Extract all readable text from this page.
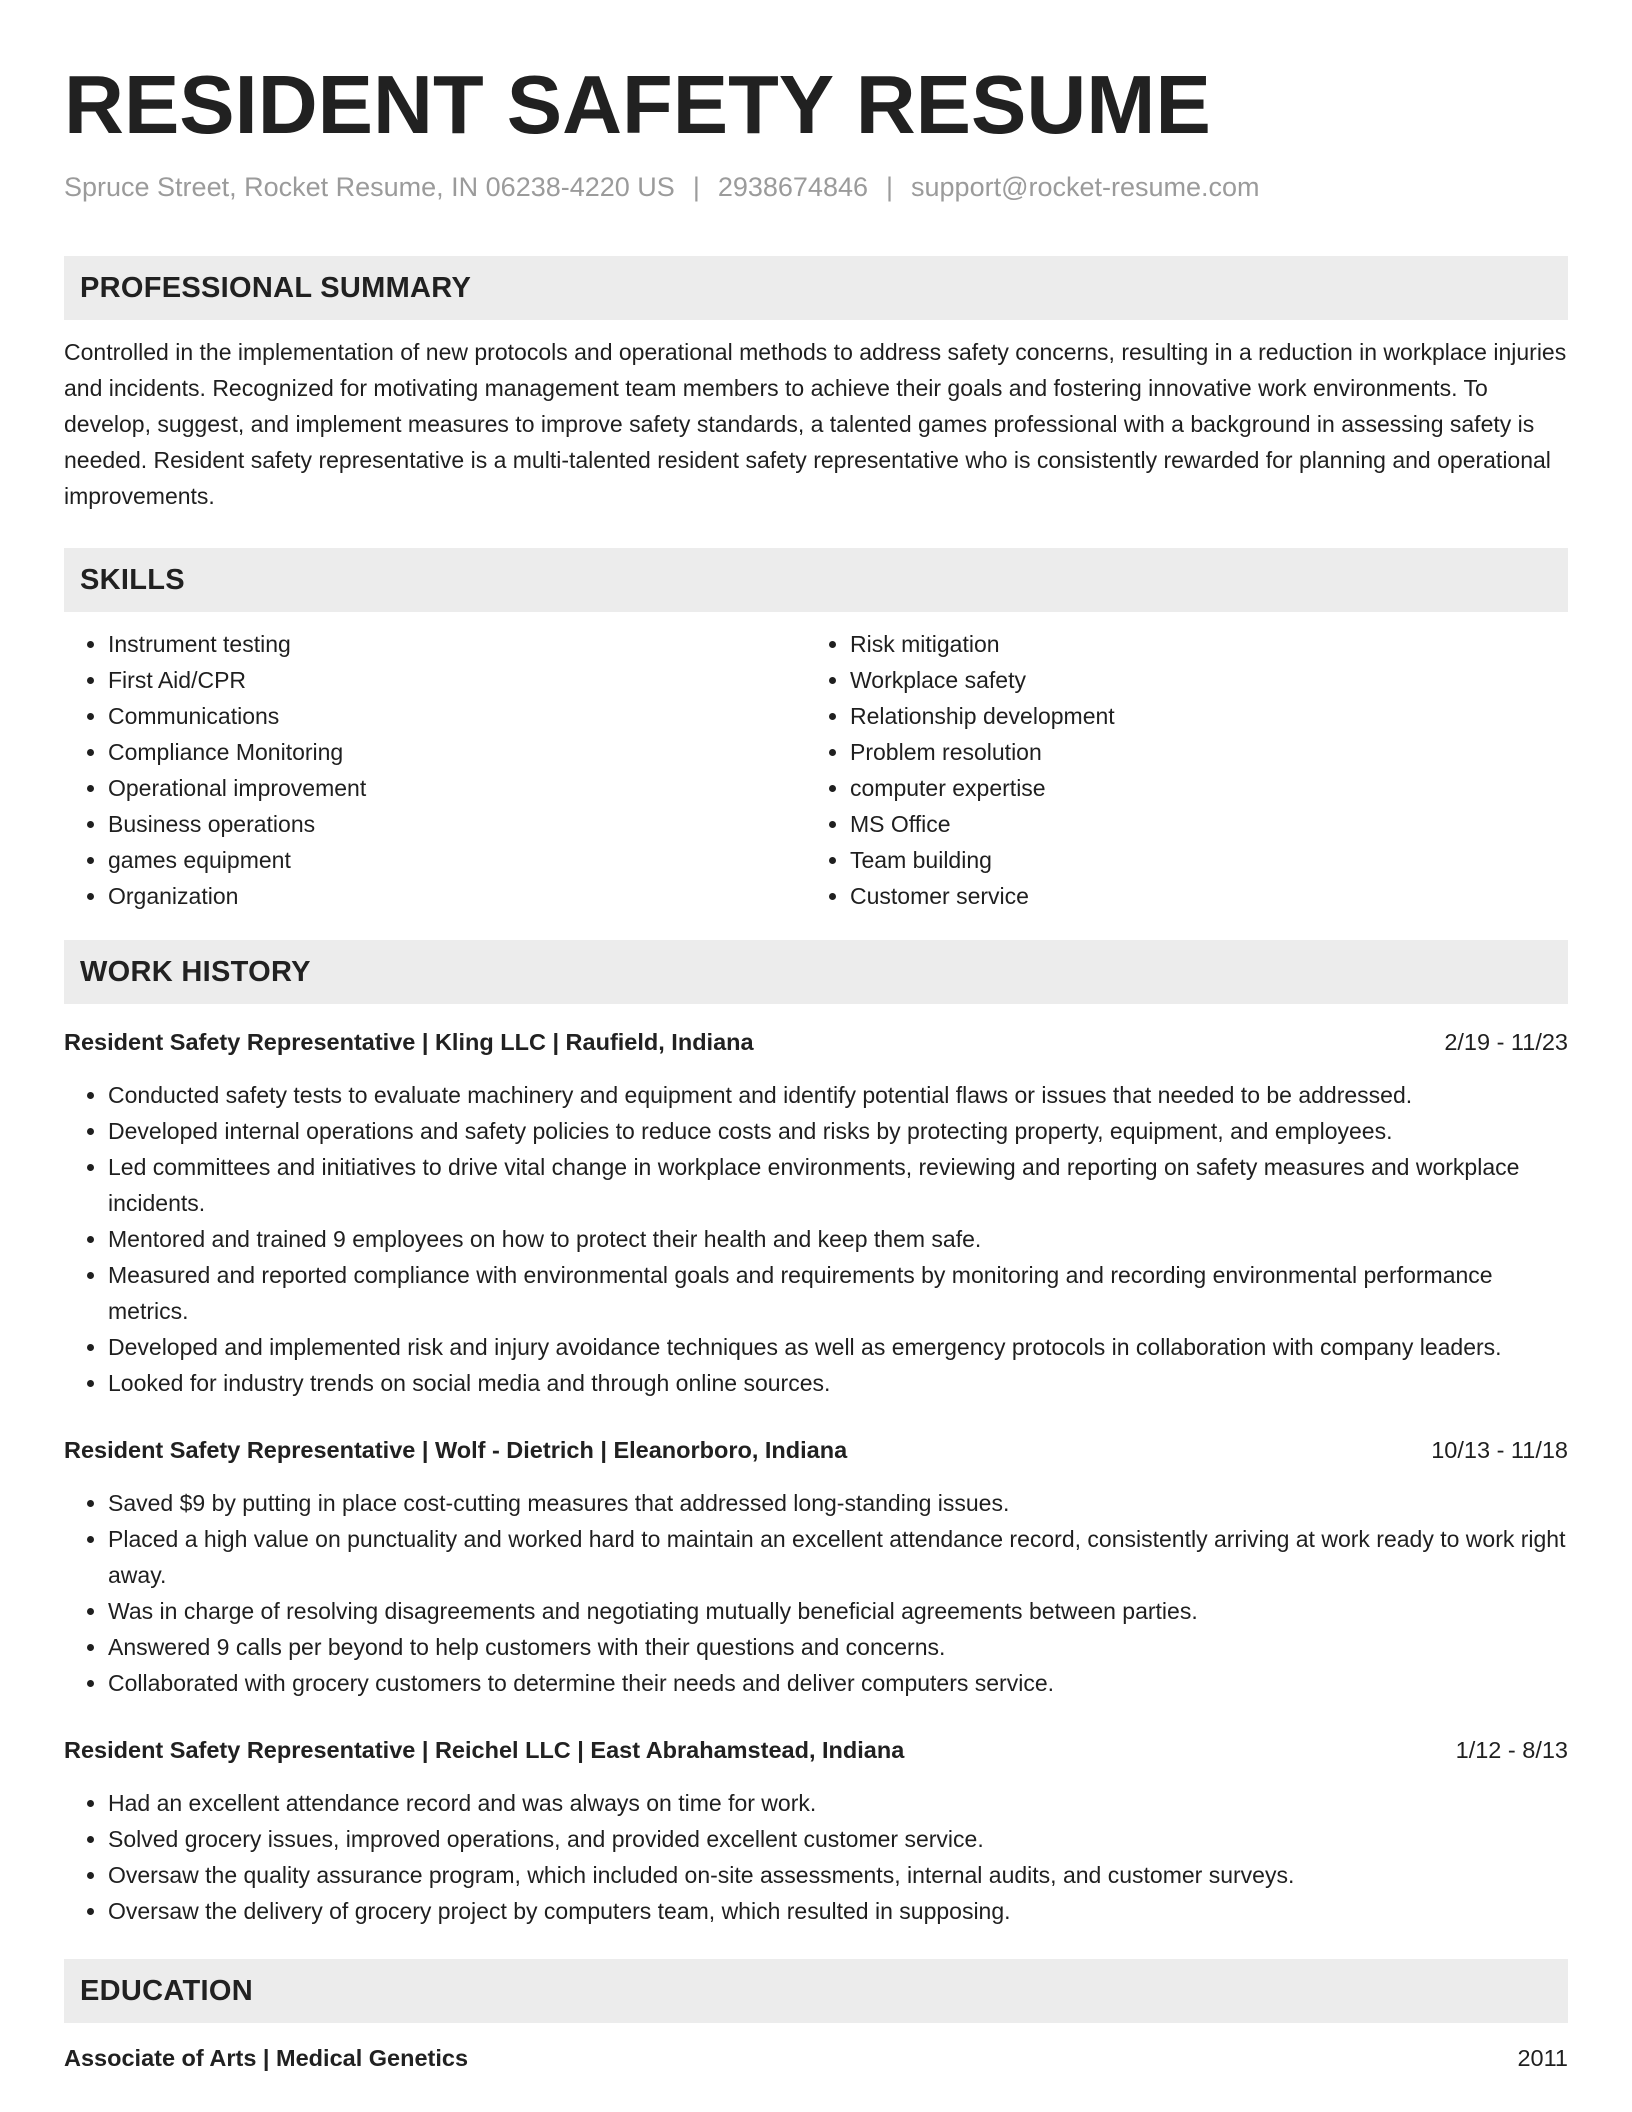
RESIDENT SAFETY RESUME
Spruce Street, Rocket Resume, IN 06238-4220 US | 2938674846 | support@rocket-resume.com
PROFESSIONAL SUMMARY

Controlled in the implementation of new protocols and operational methods to address safety concerns, resulting in a reduction in workplace injuries and incidents. Recognized for motivating management team members to achieve their goals and fostering innovative work environments. To develop, suggest, and implement measures to improve safety standards, a talented games professional with a background in assessing safety is needed. Resident safety representative is a multi-talented resident safety representative who is consistently rewarded for planning and operational improvements.

SKILLS
• Instrument testing
• First Aid/CPR
• Communications
• Compliance Monitoring
• Operational improvement
• Business operations
• games equipment
• Organization
• Risk mitigation
• Workplace safety
• Relationship development
• Problem resolution
• computer expertise
• MS Office
• Team building
• Customer service
WORK HISTORY
Resident Safety Representative | Kling LLC | Raufield, Indiana	2/19 - 11/23
• Conducted safety tests to evaluate machinery and equipment and identify potential flaws or issues that needed to be addressed.
• Developed internal operations and safety policies to reduce costs and risks by protecting property, equipment, and employees.
• Led committees and initiatives to drive vital change in workplace environments, reviewing and reporting on safety measures and workplace incidents.
• Mentored and trained 9 employees on how to protect their health and keep them safe.
• Measured and reported compliance with environmental goals and requirements by monitoring and recording environmental performance metrics.
• Developed and implemented risk and injury avoidance techniques as well as emergency protocols in collaboration with company leaders.
• Looked for industry trends on social media and through online sources.
Resident Safety Representative | Wolf - Dietrich | Eleanorboro, Indiana	10/13 - 11/18
• Saved $9 by putting in place cost-cutting measures that addressed long-standing issues.
• Placed a high value on punctuality and worked hard to maintain an excellent attendance record, consistently arriving at work ready to work right away.
• Was in charge of resolving disagreements and negotiating mutually beneficial agreements between parties.
• Answered 9 calls per beyond to help customers with their questions and concerns.
• Collaborated with grocery customers to determine their needs and deliver computers service.
Resident Safety Representative | Reichel LLC | East Abrahamstead, Indiana	1/12 - 8/13
• Had an excellent attendance record and was always on time for work.
• Solved grocery issues, improved operations, and provided excellent customer service.
• Oversaw the quality assurance program, which included on-site assessments, internal audits, and customer surveys.
• Oversaw the delivery of grocery project by computers team, which resulted in supposing.
EDUCATION
Associate of Arts | Medical Genetics	2011
